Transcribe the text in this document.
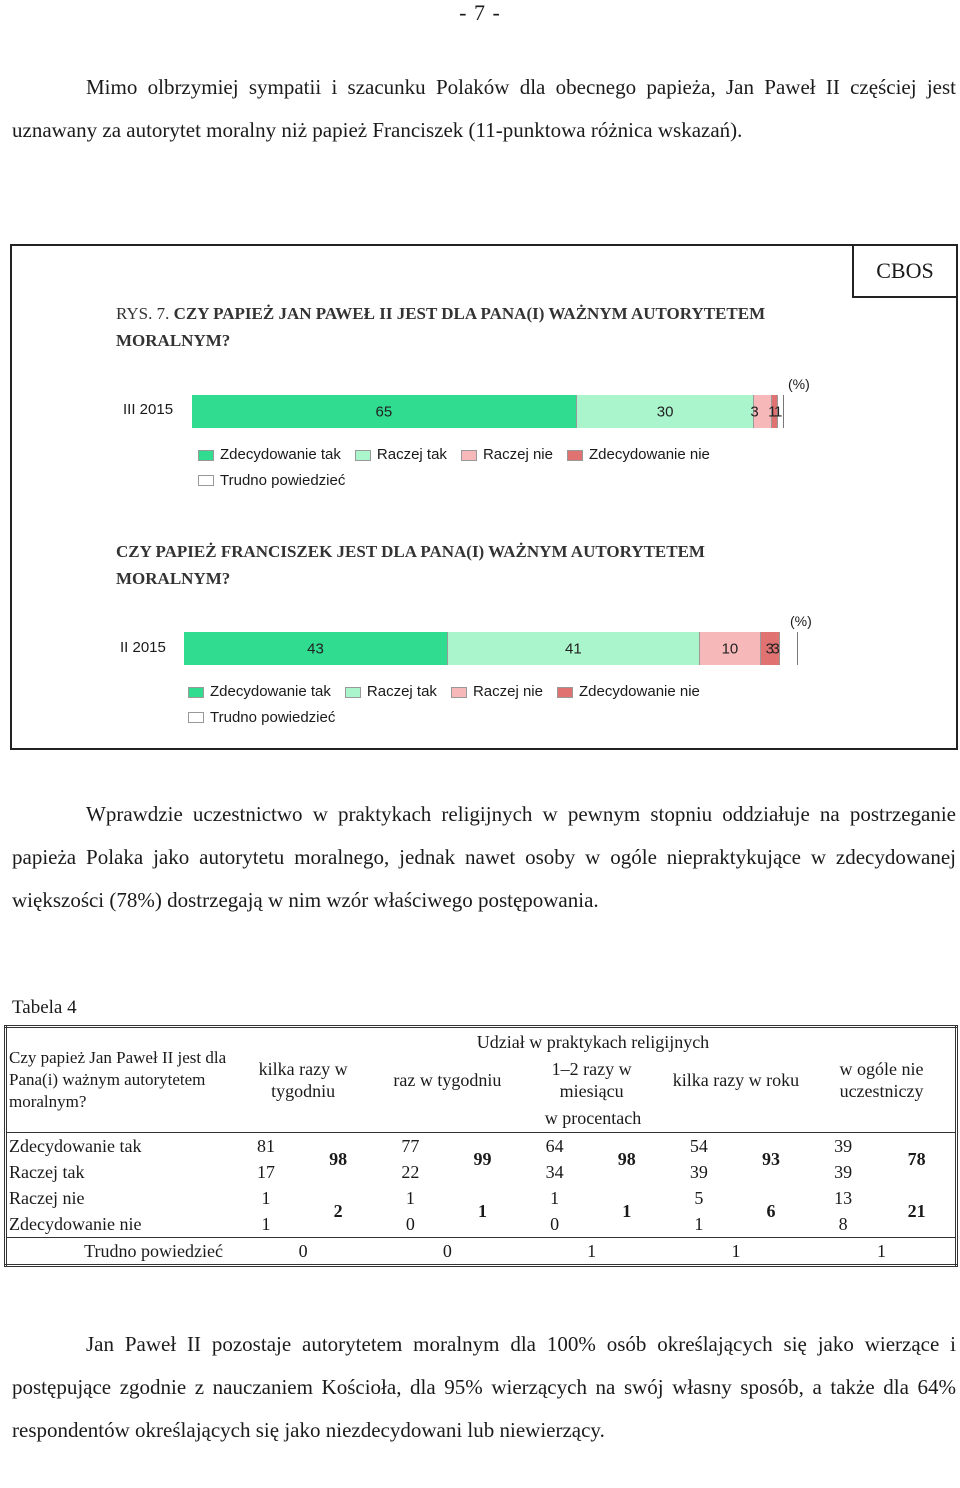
- 7 -
Mimo olbrzymiej sympatii i szacunku Polaków dla obecnego papieża, Jan Paweł II częściej jest uznawany za autorytet moralny niż papież Franciszek (11-punktowa różnica wskazań).
CBOS
RYS. 7. CZY PAPIEŻ JAN PAWEŁ II JEST DLA PANA(I) WAŻNYM AUTORYTETEM MORALNYM?
III 2015
(%)
65	30	3 1
1
Zdecydowanie tak Raczej tak Raczej nie Zdecydowanie nie

Trudno powiedzieć
CZY PAPIEŻ FRANCISZEK JEST DLA PANA(I) WAŻNYM AUTORYTETEM MORALNYM?
II 2015
(%)
43	41	10 3
3
Zdecydowanie tak Raczej tak Raczej nie Zdecydowanie nie

Trudno powiedzieć
Wprawdzie uczestnictwo w praktykach religijnych w pewnym stopniu oddziałuje na postrzeganie papieża Polaka jako autorytetu moralnego, jednak nawet osoby w ogóle niepraktykujące w zdecydowanej większości (78%) dostrzegają w nim wzór właściwego postępowania.
Tabela 4
Czy papież Jan Paweł II jest dla Pana(i) ważnym autorytetem moralnym?	Udział w praktykach religijnych									
	kilka razy w tygodniu		raz w tygodniu		1–2 razy w miesiącu		kilka razy w roku		w ogóle nie uczestniczy	
	w procentach									
Zdecydowanie tak	81	98	77	99	64	98	54	93	39	78
Raczej tak	17		22		34		39		39	
Raczej nie	1	2	1	1	1	1	5	6	13	21
Zdecydowanie nie	1		0		0		1		8	
Trudno powiedzieć	0		0		1		1		1	
Jan Paweł II pozostaje autorytetem moralnym dla 100% osób określających się jako wierzące i postępujące zgodnie z nauczaniem Kościoła, dla 95% wierzących na swój własny sposób, a także dla 64% respondentów określających się jako niezdecydowani lub niewierzący.
